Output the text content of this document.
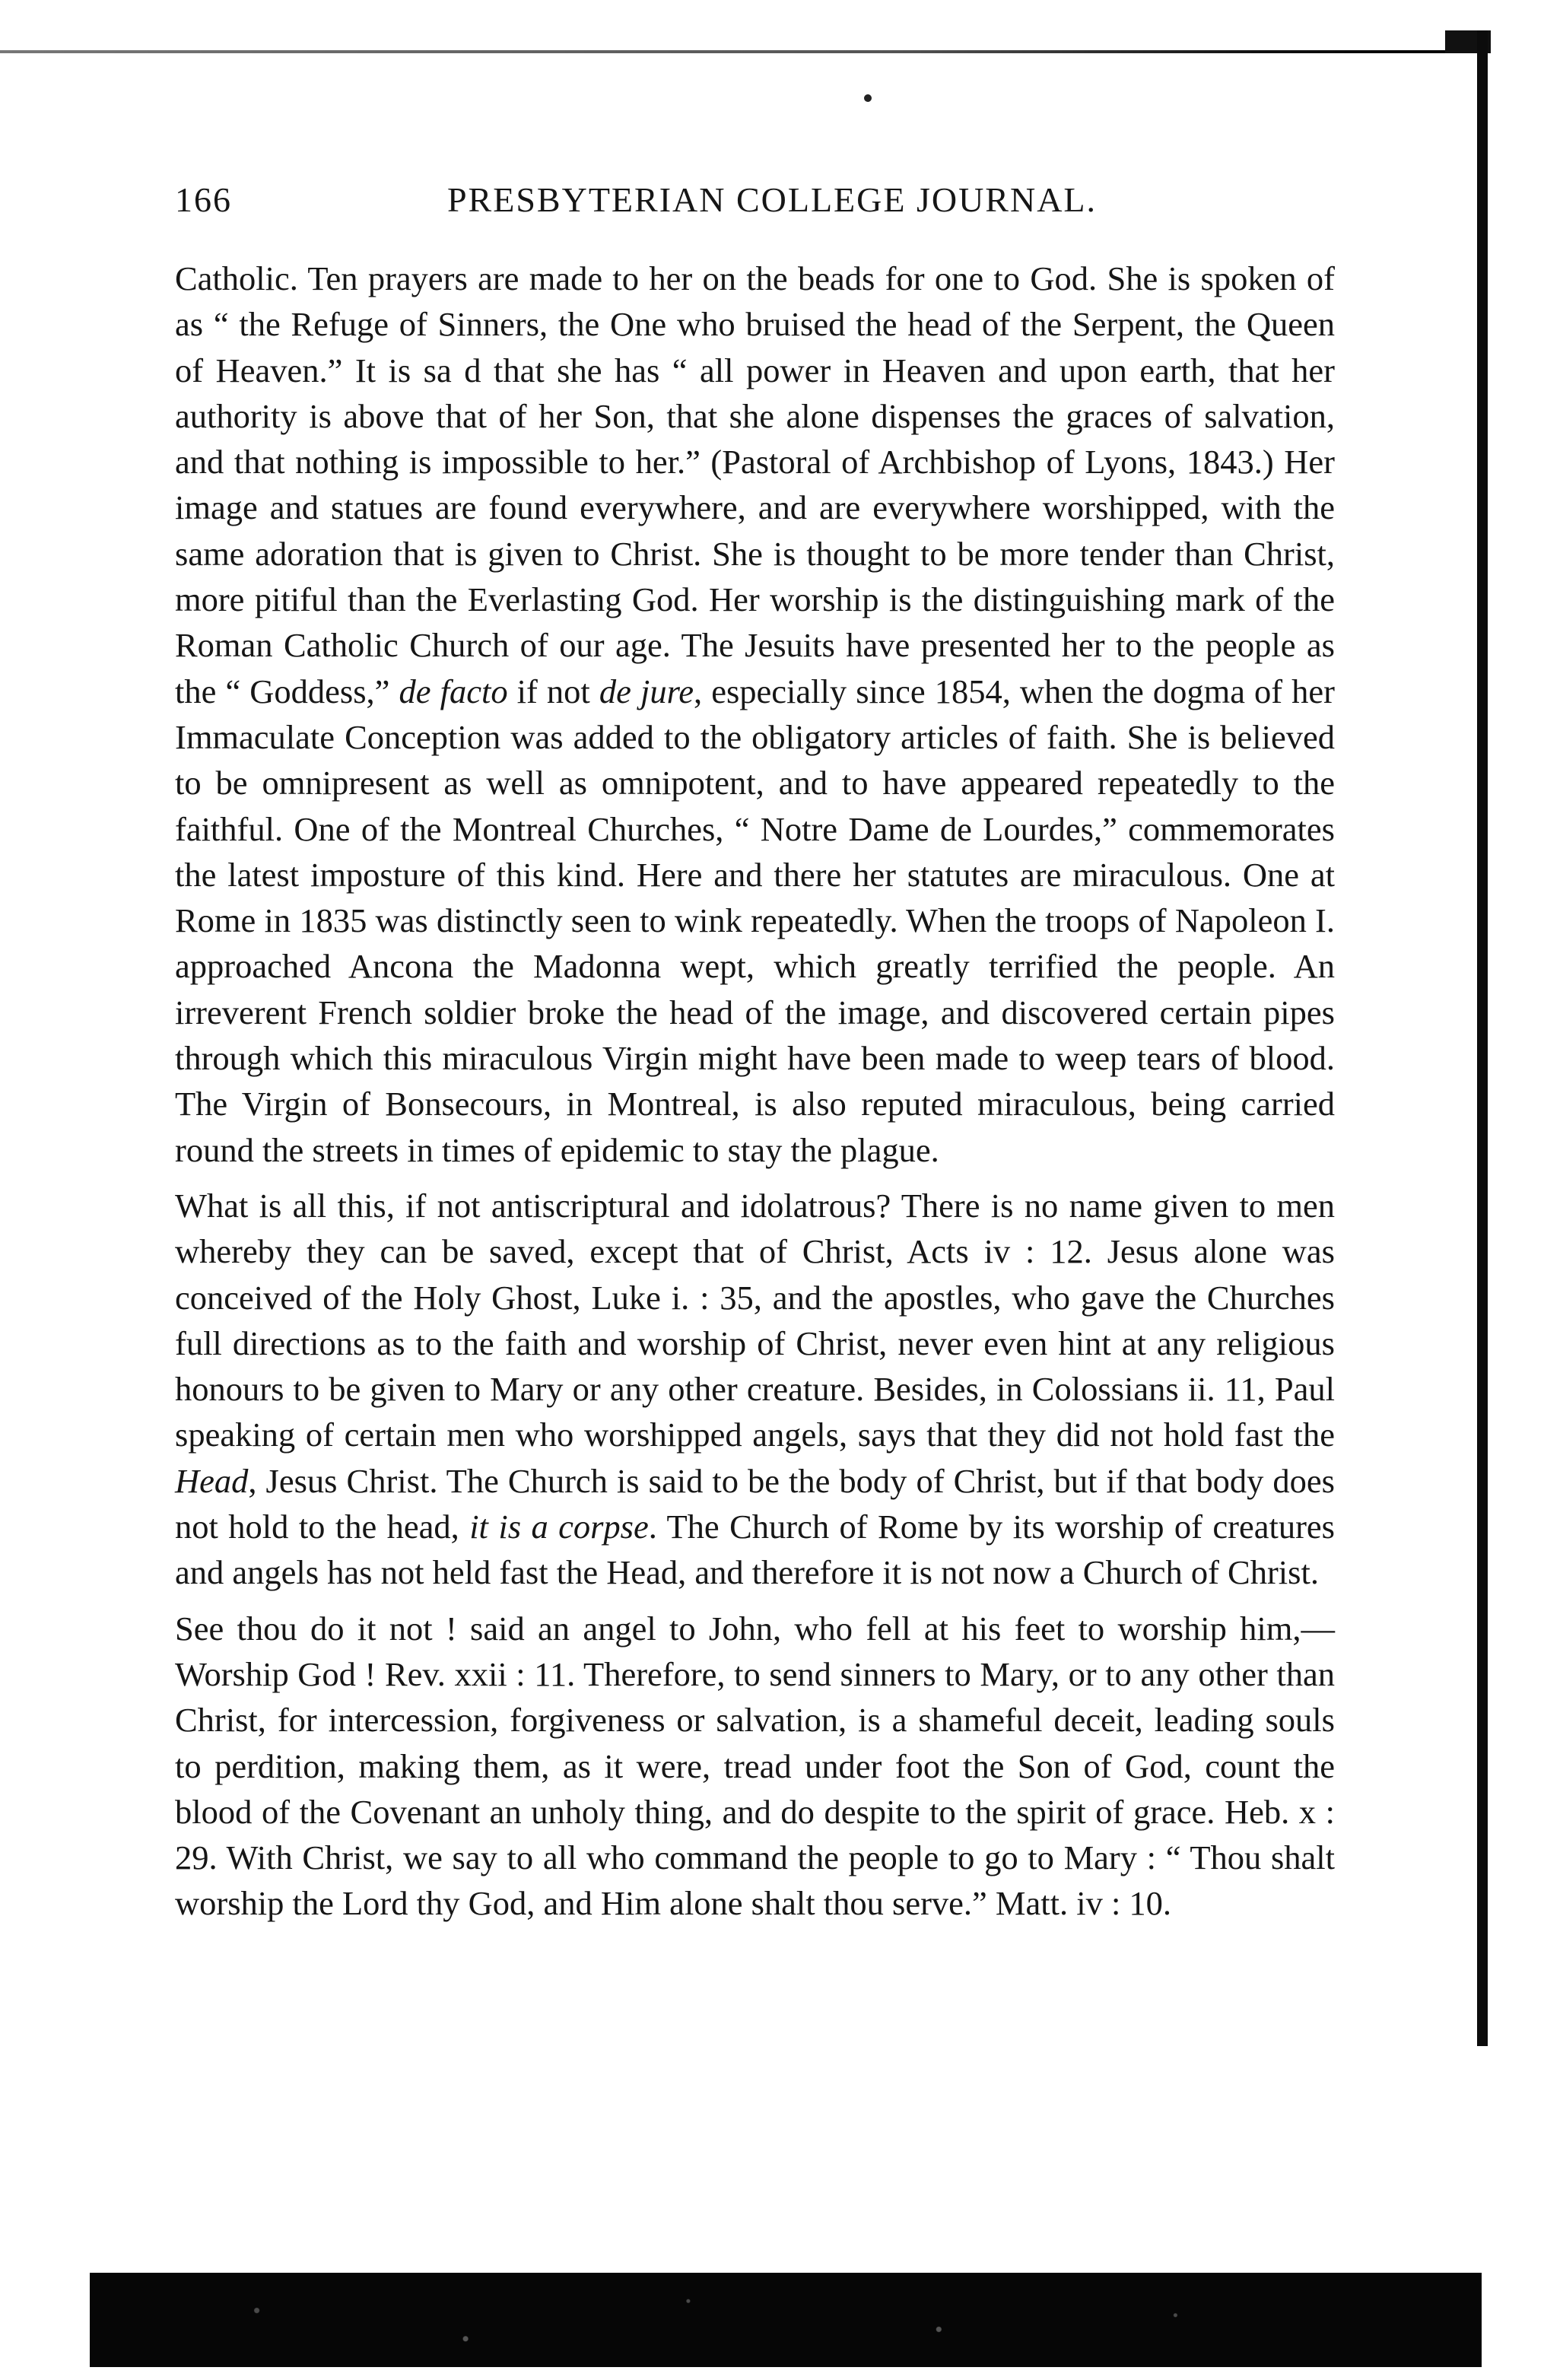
166	PRESBYTERIAN COLLEGE JOURNAL.

Catholic. Ten prayers are made to her on the beads for one to God. She is spoken of as “ the Refuge of Sinners, the One who bruised the head of the Serpent, the Queen of Heaven.” It is sa d that she has “ all power in Heaven and upon earth, that her authority is above that of her Son, that she alone dispenses the graces of salvation, and that nothing is impossible to her.” (Pastoral of Archbishop of Lyons, 1843.) Her image and statues are found everywhere, and are everywhere worshipped, with the same adoration that is given to Christ. She is thought to be more tender than Christ, more pitiful than the Everlasting God. Her worship is the distinguishing mark of the Roman Catholic Church of our age. The Jesuits have presented her to the people as the “ Goddess,” de facto if not de jure, especially since 1854, when the dogma of her Immaculate Conception was added to the obligatory articles of faith. She is believed to be omnipresent as well as omnipotent, and to have appeared repeatedly to the faithful. One of the Montreal Churches, “ Notre Dame de Lourdes,” commemorates the latest imposture of this kind. Here and there her statutes are miraculous. One at Rome in 1835 was distinctly seen to wink repeatedly. When the troops of Napoleon I. approached Ancona the Madonna wept, which greatly terrified the people. An irreverent French soldier broke the head of the image, and discovered certain pipes through which this miraculous Virgin might have been made to weep tears of blood. The Virgin of Bonsecours, in Montreal, is also reputed miraculous, being carried round the streets in times of epidemic to stay the plague.

What is all this, if not antiscriptural and idolatrous? There is no name given to men whereby they can be saved, except that of Christ, Acts iv : 12. Jesus alone was conceived of the Holy Ghost, Luke i. : 35, and the apostles, who gave the Churches full directions as to the faith and worship of Christ, never even hint at any religious honours to be given to Mary or any other creature. Besides, in Colossians ii. 11, Paul speaking of certain men who worshipped angels, says that they did not hold fast the Head, Jesus Christ. The Church is said to be the body of Christ, but if that body does not hold to the head, it is a corpse. The Church of Rome by its worship of creatures and angels has not held fast the Head, and therefore it is not now a Church of Christ.

See thou do it not ! said an angel to John, who fell at his feet to worship him,—Worship God ! Rev. xxii : 11. Therefore, to send sinners to Mary, or to any other than Christ, for intercession, forgiveness or salvation, is a shameful deceit, leading souls to perdition, making them, as it were, tread under foot the Son of God, count the blood of the Covenant an unholy thing, and do despite to the spirit of grace. Heb. x : 29. With Christ, we say to all who command the people to go to Mary : “ Thou shalt worship the Lord thy God, and Him alone shalt thou serve.” Matt. iv : 10.
